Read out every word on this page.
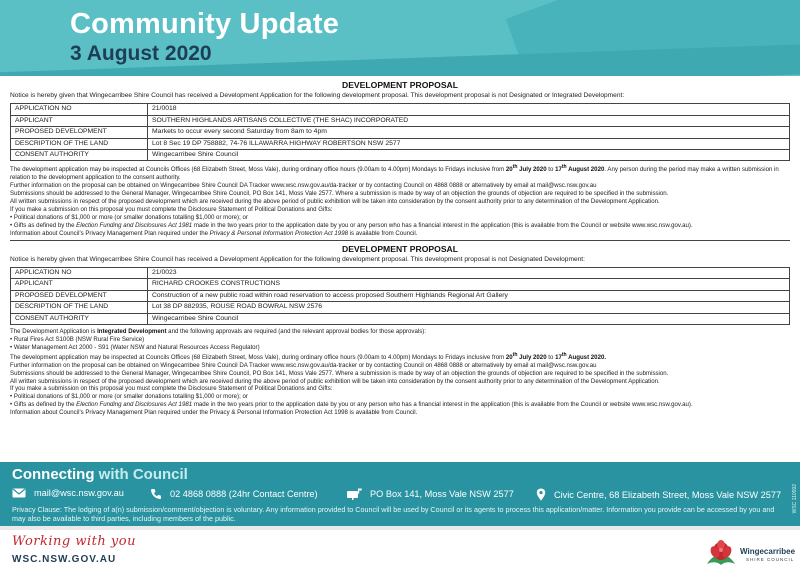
Community Update
3 August 2020
DEVELOPMENT PROPOSAL
Notice is hereby given that Wingecarribee Shire Council has received a Development Application for the following development proposal. This development proposal is not Designated or Integrated Development:
APPLICATION NO	21/0018
APPLICANT	SOUTHERN HIGHLANDS ARTISANS COLLECTIVE (THE SHAC) INCORPORATED
PROPOSED DEVELOPMENT	Markets to occur every second Saturday from 8am to 4pm
DESCRIPTION OF THE LAND	Lot 8 Sec 19 DP 758882, 74-76 ILLAWARRA HIGHWAY ROBERTSON NSW 2577
CONSENT AUTHORITY	Wingecarribee Shire Council
The development application may be inspected at Councils Offices (68 Elizabeth Street, Moss Vale), during ordinary office hours (9.00am to 4.00pm) Mondays to Fridays inclusive from 20th July 2020 to 17th August 2020. Any person during the period may make a written submission in relation to the development application to the consent authority.
Further information on the proposal can be obtained on Wingecarribee Shire Council DA Tracker www.wsc.nsw.gov.au/da-tracker or by contacting Council on 4868 0888 or alternatively by email at mail@wsc.nsw.gov.au
Submissions should be addressed to the General Manager, Wingecarribee Shire Council, PO Box 141, Moss Vale 2577. Where a submission is made by way of an objection the grounds of objection are required to be specified in the submission.
All written submissions in respect of the proposed development which are received during the above period of public exhibition will be taken into consideration by the consent authority prior to any determination of the Development Application.
If you make a submission on this proposal you must complete the Disclosure Statement of Political Donations and Gifts:
• Political donations of $1,000 or more (or smaller donations totalling $1,000 or more); or
• Gifts as defined by the Election Funding and Disclosures Act 1981 made in the two years prior to the application date by you or any person who has a financial interest in the application (this is available from the Council or website www.wsc.nsw.gov.au).
Information about Council's Privacy Management Plan required under the Privacy & Personal Information Protection Act 1998 is available from Council.
DEVELOPMENT PROPOSAL
Notice is hereby given that Wingecarribee Shire Council has received a Development Application for the following development proposal. This development proposal is not Designated Development:
APPLICATION NO	21/0023
APPLICANT	RICHARD CROOKES CONSTRUCTIONS
PROPOSED DEVELOPMENT	Construction of a new public road within road reservation to access proposed Southern Highlands Regional Art Gallery
DESCRIPTION OF THE LAND	Lot 38 DP 882935, ROUSE ROAD BOWRAL NSW 2576
CONSENT AUTHORITY	Wingecarribee Shire Council
The Development Application is Integrated Development and the following approvals are required (and the relevant approval bodies for those approvals):
• Rural Fires Act S100B (NSW Rural Fire Service)
• Water Management Act 2000 - S91 (Water NSW and Natural Resources Access Regulator)
The development application may be inspected at Councils Offices (68 Elizabeth Street, Moss Vale), during ordinary office hours (9.00am to 4.00pm) Mondays to Fridays inclusive from 20th July 2020 to 17th August 2020.
Further information on the proposal can be obtained on Wingecarribee Shire Council DA Tracker www.wsc.nsw.gov.au/da-tracker or by contacting Council on 4868 0888 or alternatively by email at mail@wsc.nsw.gov.au
Submissions should be addressed to the General Manager, Wingecarribee Shire Council, PO Box 141, Moss Vale 2577. Where a submission is made by way of an objection the grounds of objection are required to be specified in the submission.
All written submissions in respect of the proposed development which are received during the above period of public exhibition will be taken into consideration by the consent authority prior to any determination of the Development Application.
If you make a submission on this proposal you must complete the Disclosure Statement of Political Donations and Gifts:
• Political donations of $1,000 or more (or smaller donations totalling $1,000 or more); or
• Gifts as defined by the Election Funding and Disclosures Act 1981 made in the two years prior to the application date by you or any person who has a financial interest in the application (this is available from the Council or website www.wsc.nsw.gov.au).
Information about Council's Privacy Management Plan required under the Privacy & Personal Information Protection Act 1998 is available from Council.
Connecting with Council
mail@wsc.nsw.gov.au	02 4868 0888 (24hr Contact Centre)	PO Box 141, Moss Vale NSW 2577	Civic Centre, 68 Elizabeth Street, Moss Vale NSW 2577
Privacy Clause: The lodging of a(n) submission/comment/objection is voluntary. Any information provided to Council will be used by Council or its agents to process this application/matter. Information you provide can be accessed by you and may also be available to third parties, including members of the public.
WSC 110592
Working with you
WSC.NSW.GOV.AU
Wingecarribee
SHIRE COUNCIL
